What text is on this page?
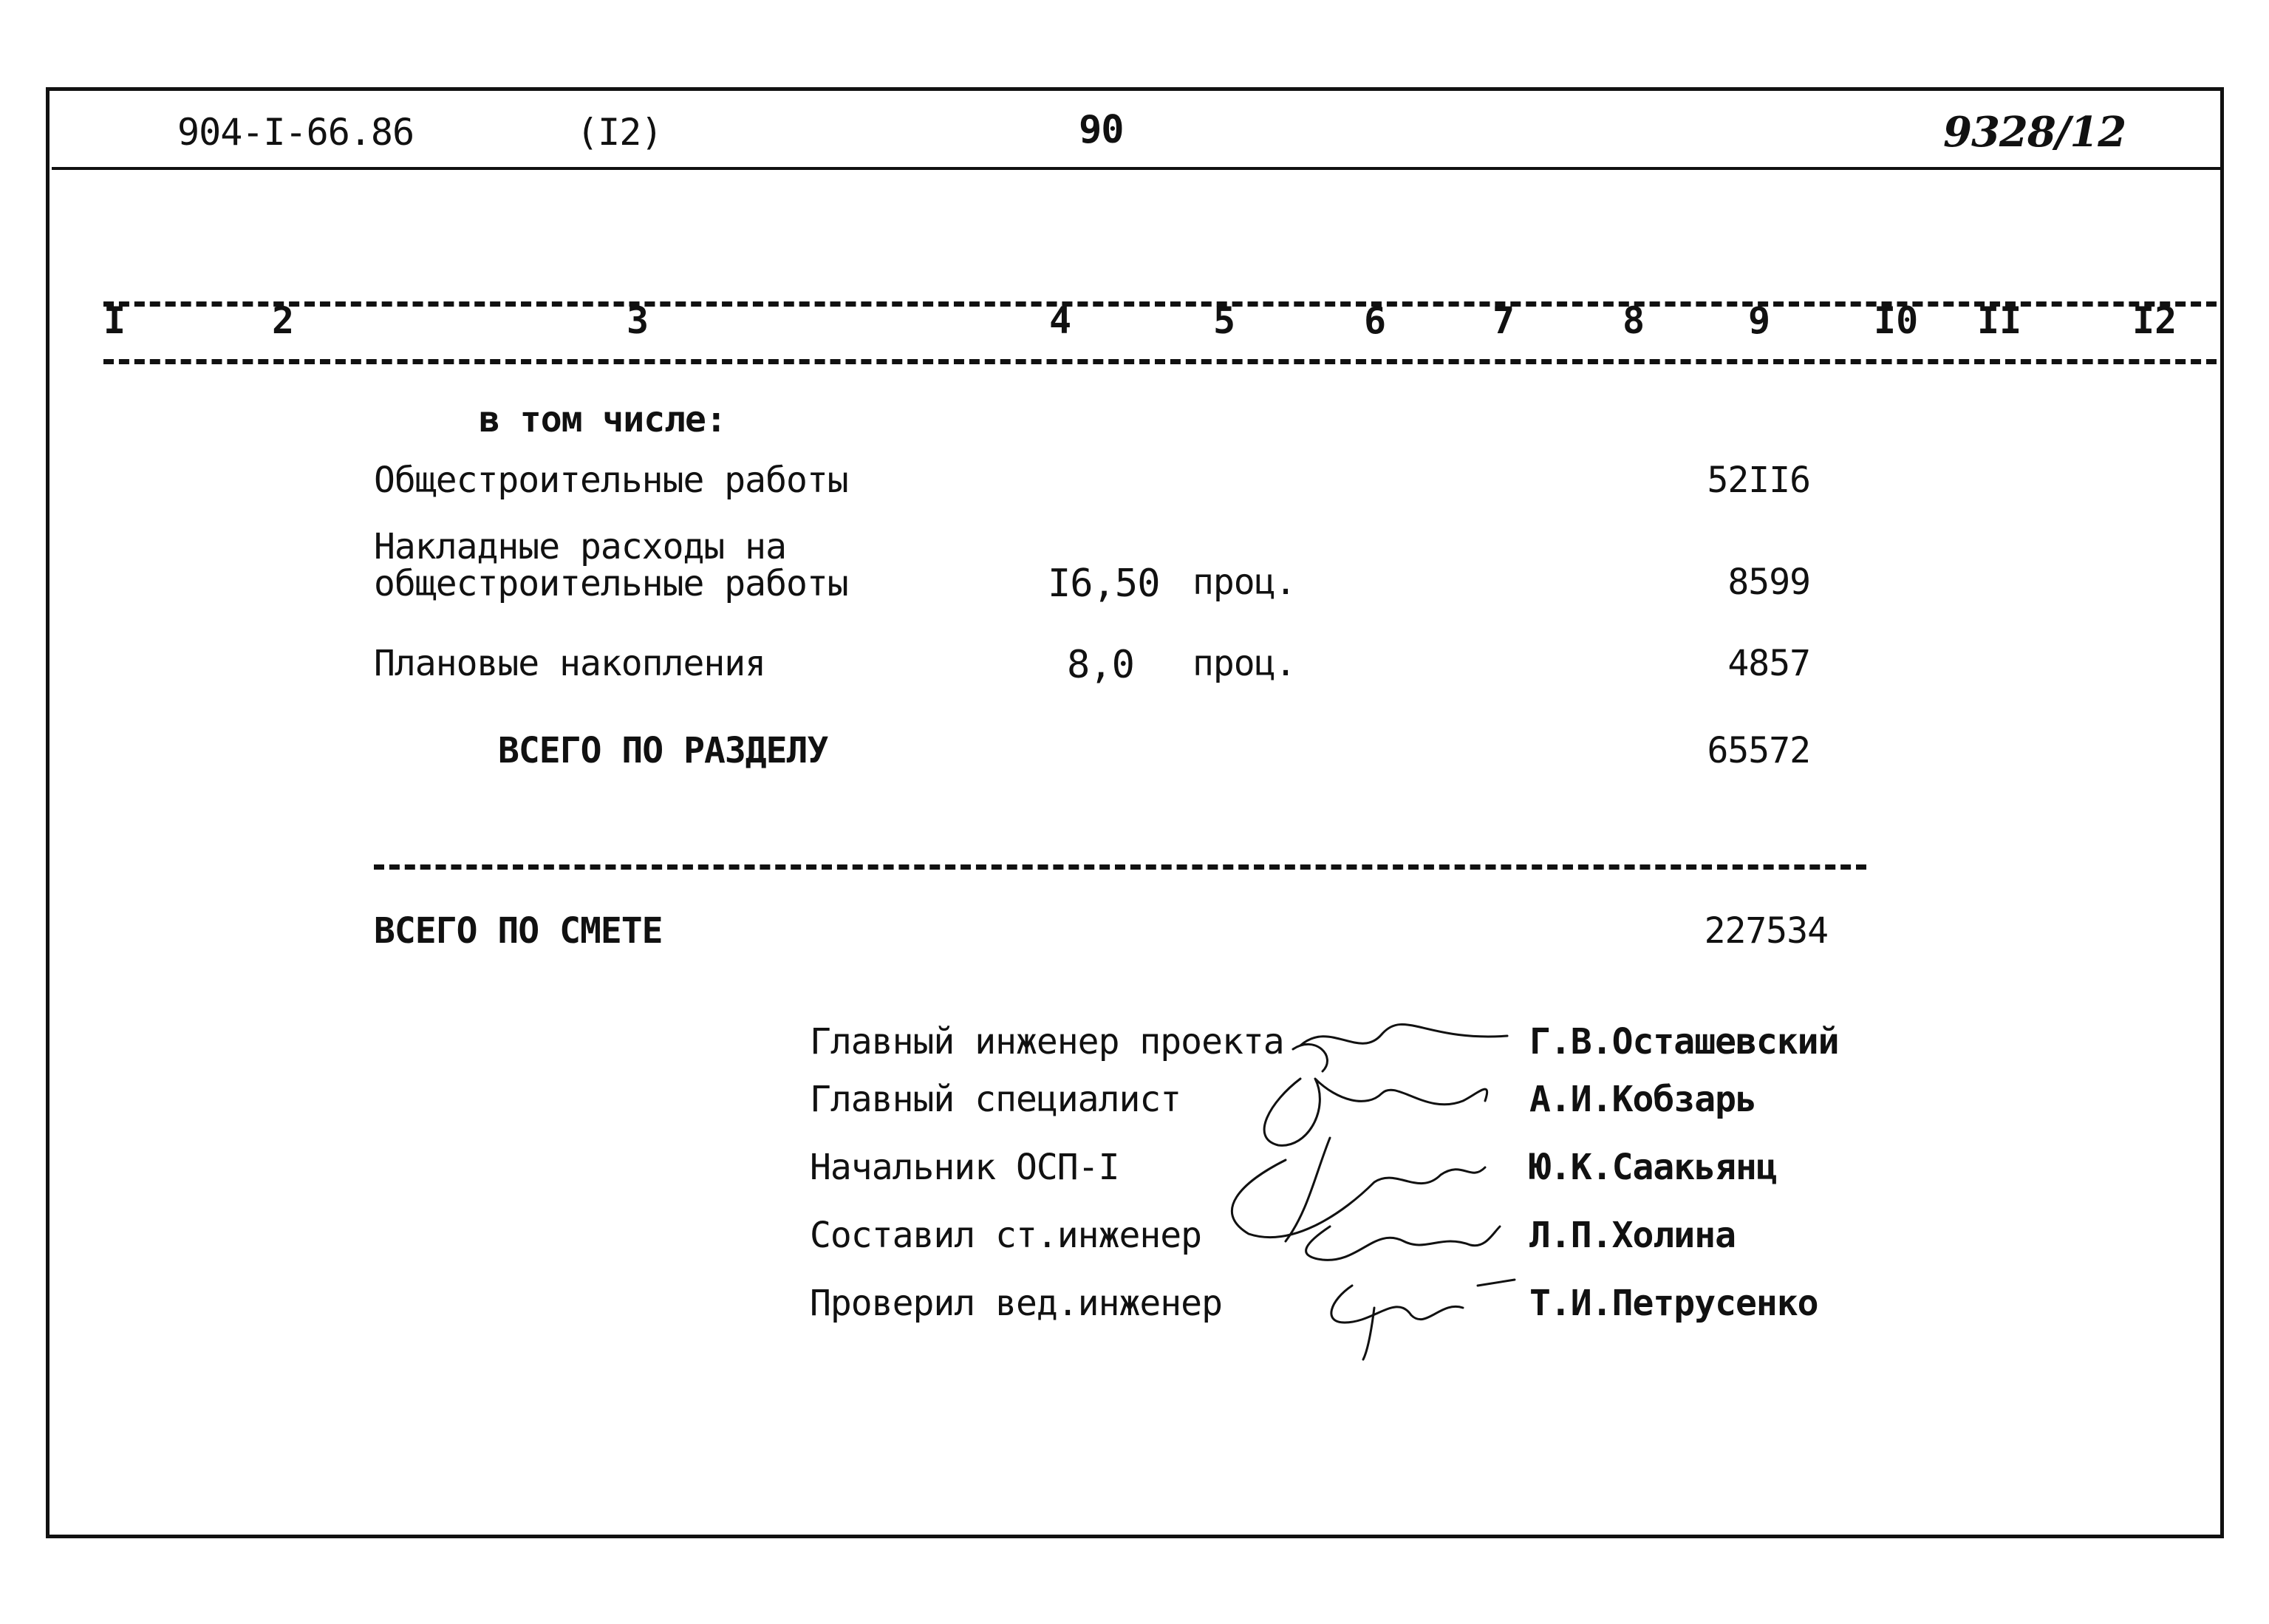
904-I-66.86	(I2)	90	9328/12
I	2	3	4	5	6	7	8	9	I0 II	I2
в том числе:
Общестроительные работы	52II6
Накладные расходы на
общестроительные работы	I6,50 проц.	8599
Плановые накопления	8,0 проц.	4857
ВСЕГО ПО РАЗДЕЛУ	65572
ВСЕГО ПО СМЕТЕ	227534
Главный инженер проекта	Г.В.Осташевский
Главный специалист	А.И.Кобзарь
Начальник ОСП-I	Ю.К.Саакьянц
Составил ст.инженер	Л.П.Холина
Проверил вед.инженер	Т.И.Петрусенко
